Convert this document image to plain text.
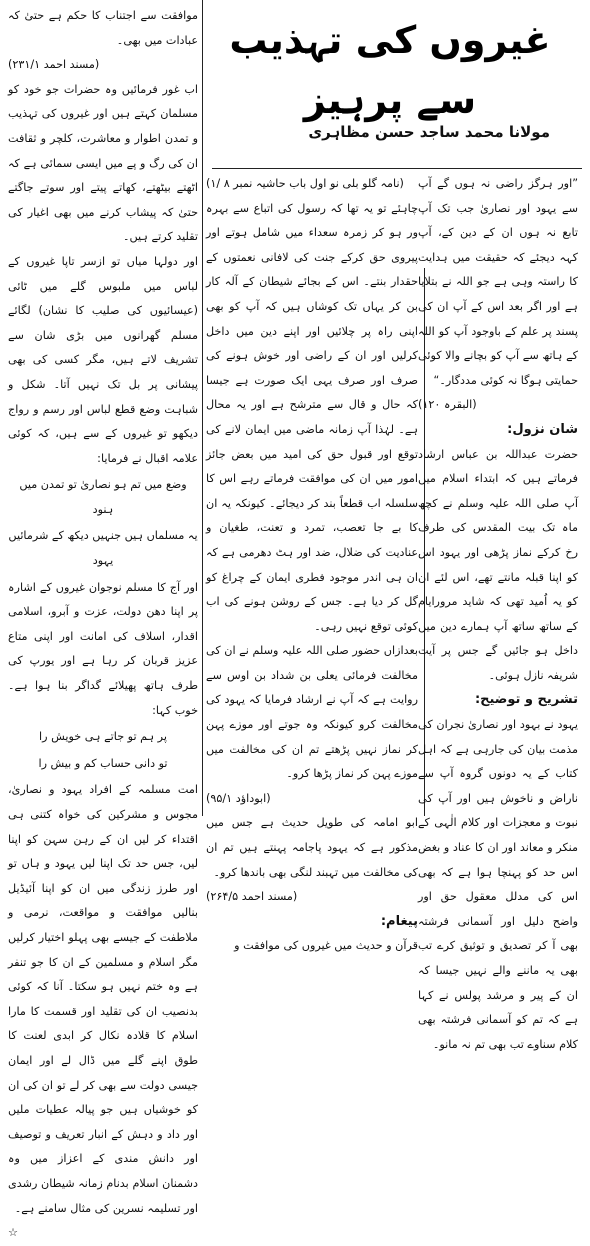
غیروں کی تہذیب سے پرہیز
مولانا محمد ساجد حسن مظاہری

”اور ہرگز راضی نہ ہوں گے آپ سے یہود اور نصاریٰ جب تک آپ تابع نہ ہوں ان کے دین کے، آپ کہہ دیجئے کہ حقیقت میں ہدایت کا راستہ وہی ہے جو اللہ نے بتلایا ہے اور اگر بعد اس کے آپ ان کی پسند پر علم کے باوجود آپ کو اللہ کے ہاتھ سے آپ کو بچانے والا کوئی حمایتی ہوگا نہ کوئی مددگار۔“

(البقرہ ۱۲۰)

شان نزول:

حضرت عبداللہ بن عباس ارشاد فرماتے ہیں کہ ابتداء اسلام میں آپ صلی اللہ علیہ وسلم نے کچھ ماہ تک بیت المقدس کی طرف رخ کرکے نماز پڑھی اور یہود اس کو اپنا قبلہ مانتے تھے، اس لئے ان کو یہ اُمید تھی کہ شاید مرورایام کے ساتھ ساتھ آپ ہمارے دین میں داخل ہو جائیں گے جس پر آیت شریفہ نازل ہوئی۔

تشریح و توضیح:

یہود نے بہود اور نصاریٰ نجران کی مذمت بیان کی جارہی ہے کہ اہل کتاب کے یہ دونوں گروہ آپ سے ناراض و ناخوش ہیں اور آپ کی نبوت و معجزات اور کلام الٰہی کے منکر و معاند اور ان کا عناد و بغض اس حد کو پہنچا ہوا ہے کہ بھی اس کی مدلل معقول حق اور واضح دلیل اور آسمانی فرشتہ بھی آ کر تصدیق و توثیق کرے تب بھی یہ ماننے والے نہیں جیسا کہ ان کے پیر و مرشد پولس نے کہا ہے کہ تم کو آسمانی فرشتہ بھی کلام سناوے تب بھی تم نہ مانو۔

(نامہ گلو بلی نو اول باب حاشیہ نمبر ۸ /۱)

چاہئے تو یہ تھا کہ رسول کی اتباع سے بہرہ ور ہو کر زمرہ سعداء میں شامل ہوتے اور پیروی حق کرکے جنت کی لافانی نعمتوں کے حقدار بنتے۔ اس کے بجائے شیطان کے آلہ کار بن کر یہاں تک کوشاں ہیں کہ آپ کو بھی اپنی راہ پر چلائیں اور اپنے دین میں داخل کرلیں اور ان کے راضی اور خوش ہونے کی صرف اور صرف یہی ایک صورت ہے جیسا کہ حال و قال سے مترشح ہے اور یہ محال ہے۔ لہٰذا آپ زمانہ ماضی میں ایمان لانے کی توقع اور قبول حق کی امید میں بعض جائز امور میں ان کی موافقت فرماتے رہے اس کا سلسلہ اب قطعاً بند کر دیجائے۔ کیونکہ یہ ان کا بے جا تعصب، تمرد و تعنت، طغیان و عنادیت کی ضلال، ضد اور ہٹ دھرمی ہے کہ ان ہی اندر موجود فطری ایمان کے چراغ کو گل کر دیا ہے۔ جس کے روشن ہونے کی اب کوئی توقع نہیں رہی۔

بعدازاں حضور صلی اللہ علیہ وسلم نے ان کی مخالفت فرمائی یعلی بن شداد بن اوس سے روایت ہے کہ آپ نے ارشاد فرمایا کہ یہود کی مخالفت کرو کیونکہ وہ جوتے اور موزے پہن کر نماز نہیں پڑھتے تم ان کی مخالفت میں موزے پہن کر نماز پڑھا کرو۔

(ابوداؤد ۹۵/۱)

ابو امامہ کی طویل حدیث ہے جس میں مذکور ہے کہ یہود پاجامہ پہنتے ہیں تم ان کی مخالفت میں تہبند لنگی بھی باندھا کرو۔

(مسند احمد ۲۶۴/۵)

پیغام:

قرآن و حدیث میں غیروں کی موافقت و

موافقت سے اجتناب کا حکم ہے حتیٰ کہ عبادات میں بھی۔

(مسند احمد ۲۳۱/۱)

اب غور فرمائیں وہ حضرات جو خود کو مسلمان کہتے ہیں اور غیروں کی تہذیب و تمدن اطوار و معاشرت، کلچر و ثقافت ان کی رگ و پے میں ایسی سمائی ہے کہ اٹھتے بیٹھتے، کھاتے پیتے اور سوتے جاگتے حتیٰ کہ پیشاب کرنے میں بھی اغیار کی تقلید کرتے ہیں۔

اور دولہا میاں تو ازسر تاپا غیروں کے لباس میں ملبوس گلے میں ٹائی (عیسائیوں کی صلیب کا نشان) لگائے مسلم گھرانوں میں بڑی شان سے تشریف لاتے ہیں، مگر کسی کی بھی پیشانی پر بل تک نہیں آتا۔ شکل و شباہت وضع قطع لباس اور رسم و رواج دیکھو تو غیروں کے سے ہیں، کہ کوئی علامہ اقبال نے فرمایا:

وضع میں تم ہو نصاریٰ تو تمدن میں ہنود

یہ مسلماں ہیں جنہیں دیکھ کے شرمائیں یہود

اور آج کا مسلم نوجوان غیروں کے اشارہ پر اپنا دھن دولت، عزت و آبرو، اسلامی اقدار، اسلاف کی امانت اور اپنی متاع عزیز قربان کر رہا ہے اور یورپ کی طرف ہاتھ پھیلائے گداگر بنا ہوا ہے۔ خوب کہا:

پر ہم تو جاتے ہی خویش را

تو دانی حساب کم و بیش را

امت مسلمہ کے افراد یہود و نصاریٰ، مجوس و مشرکین کی خواہ کتنی ہی اقتداء کر لیں ان کے رہن سہن کو اپنا لیں، جس حد تک اپنا لیں یہود و ہاں تو اور طرز زندگی میں ان کو اپنا آئیڈیل بنالیں موافقت و مواقعت، نرمی و ملاطفت کے جیسے بھی پہلو اختیار کرلیں مگر اسلام و مسلمین کے ان کا جو تنفر ہے وہ ختم نہیں ہو سکتا۔ آنا کہ کوئی بدنصیب ان کی تقلید اور قسمت کا مارا اسلام کا قلادہ نکال کر ابدی لعنت کا طوق اپنے گلے میں ڈال لے اور ایمان جیسی دولت سے بھی کر لے تو ان کی ان کو خوشیاں ہیں جو پیالہ عطیات ملیں اور داد و دہش کے انبار تعریف و توصیف اور دانش مندی کے اعزاز میں وہ دشمنان اسلام بدنام زمانہ شیطان رشدی اور تسلیمہ نسرین کی مثال سامنے ہے۔

☆
